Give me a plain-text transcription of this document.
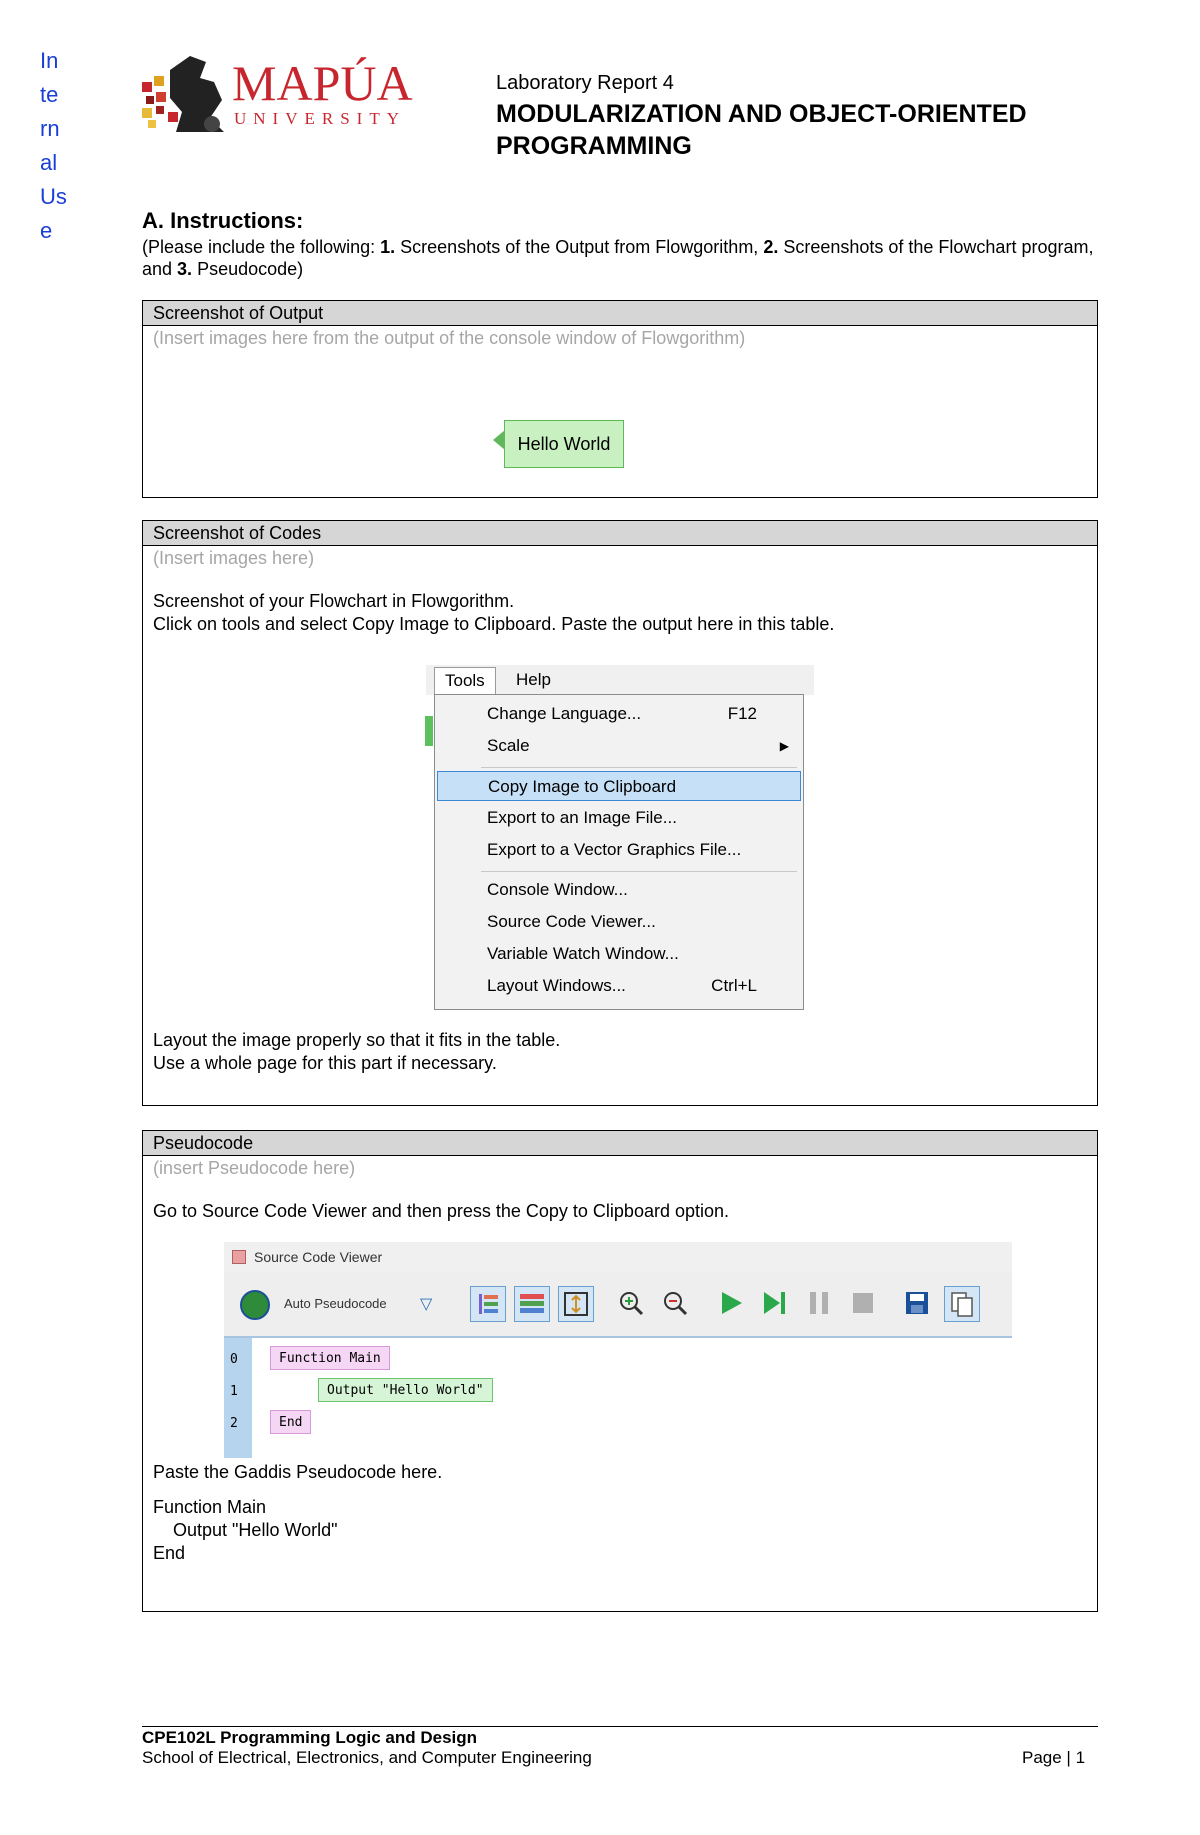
In
te
rn
al
Us
e
MAPÚA
UNIVERSITY
Laboratory Report 4
MODULARIZATION AND OBJECT-ORIENTED PROGRAMMING
A. Instructions:
(Please include the following: 1. Screenshots of the Output from Flowgorithm, 2. Screenshots of the Flowchart program, and 3. Pseudocode)
Screenshot of Output
(Insert images here from the output of the console window of Flowgorithm)
Hello World
Screenshot of Codes
(Insert images here)
Screenshot of your Flowchart in Flowgorithm.
Click on tools and select Copy Image to Clipboard. Paste the output here in this table.
Layout the image properly so that it fits in the table.
Use a whole page for this part if necessary.
Tools	Help
Change Language...	F12
Scale	▶
Copy Image to Clipboard
Export to an Image File...
Export to a Vector Graphics File...
Console Window...
Source Code Viewer...
Variable Watch Window...
Layout Windows...	Ctrl+L
Pseudocode
(insert Pseudocode here)
Go to Source Code Viewer and then press the Copy to Clipboard option.
Paste the Gaddis Pseudocode here.
Function Main
Output "Hello World"
End
Source Code Viewer
Auto Pseudocode ▽
0
1
2
Function Main
Output "Hello World"
End
CPE102L Programming Logic and Design
School of Electrical, Electronics, and Computer Engineering	Page | 1
